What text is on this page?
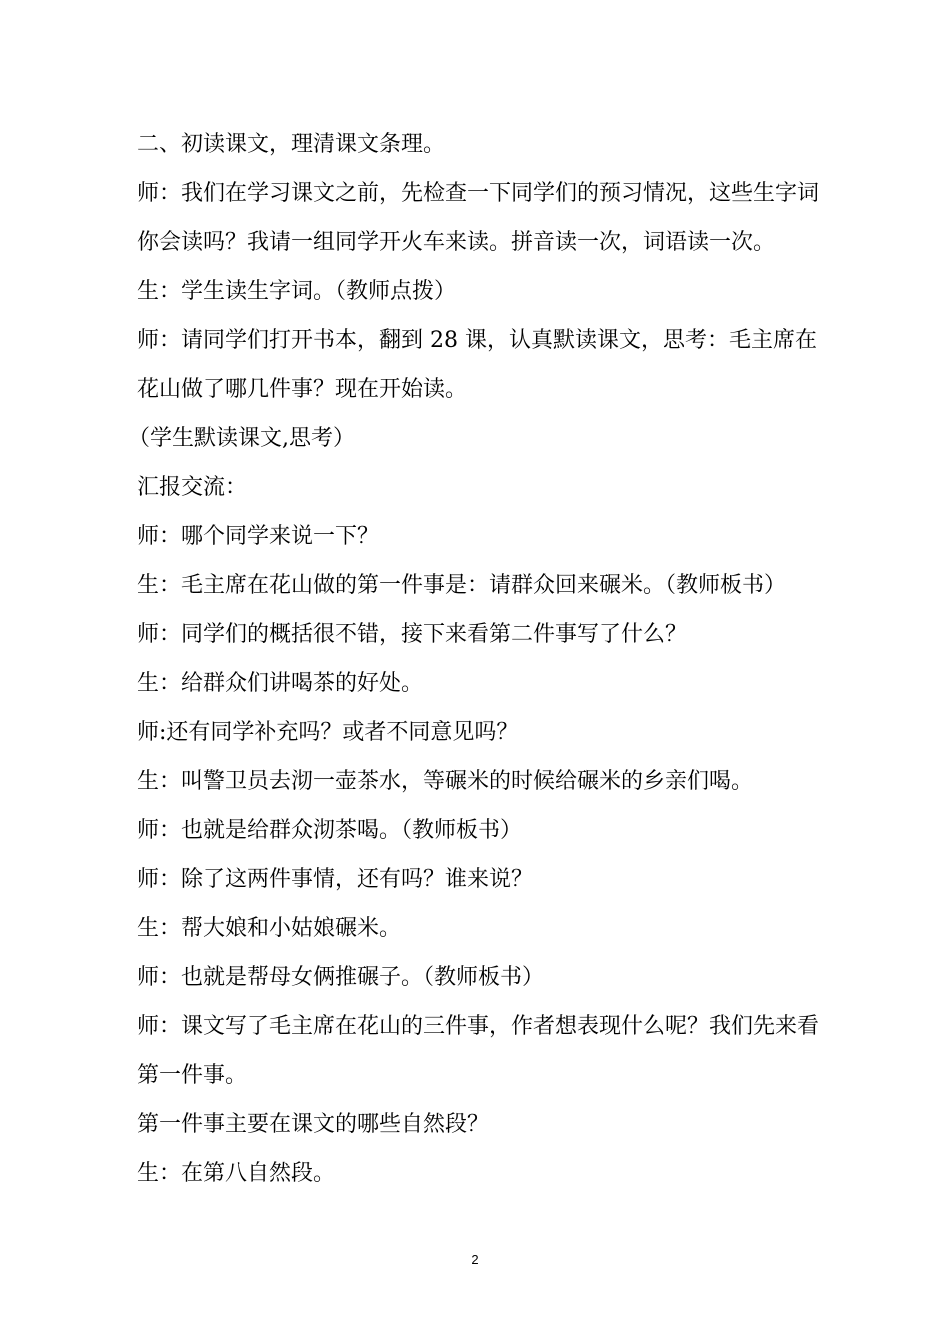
二、初读课文，理清课文条理。

师：我们在学习课文之前，先检查一下同学们的预习情况，这些生字词你会读吗？我请一组同学开火车来读。拼音读一次，词语读一次。

生：学生读生字词。（教师点拨）

师：请同学们打开书本，翻到 28 课，认真默读课文，思考：毛主席在花山做了哪几件事？现在开始读。

（学生默读课文,思考）

汇报交流：

师：哪个同学来说一下？

生：毛主席在花山做的第一件事是：请群众回来碾米。（教师板书）

师：同学们的概括很不错，接下来看第二件事写了什么？

生：给群众们讲喝茶的好处。

师:还有同学补充吗？或者不同意见吗？

生：叫警卫员去沏一壶茶水，等碾米的时候给碾米的乡亲们喝。

师：也就是给群众沏茶喝。（教师板书）

师：除了这两件事情，还有吗？谁来说？

生：帮大娘和小姑娘碾米。

师：也就是帮母女俩推碾子。（教师板书）

师：课文写了毛主席在花山的三件事，作者想表现什么呢？我们先来看第一件事。

第一件事主要在课文的哪些自然段？

生：在第八自然段。

2
